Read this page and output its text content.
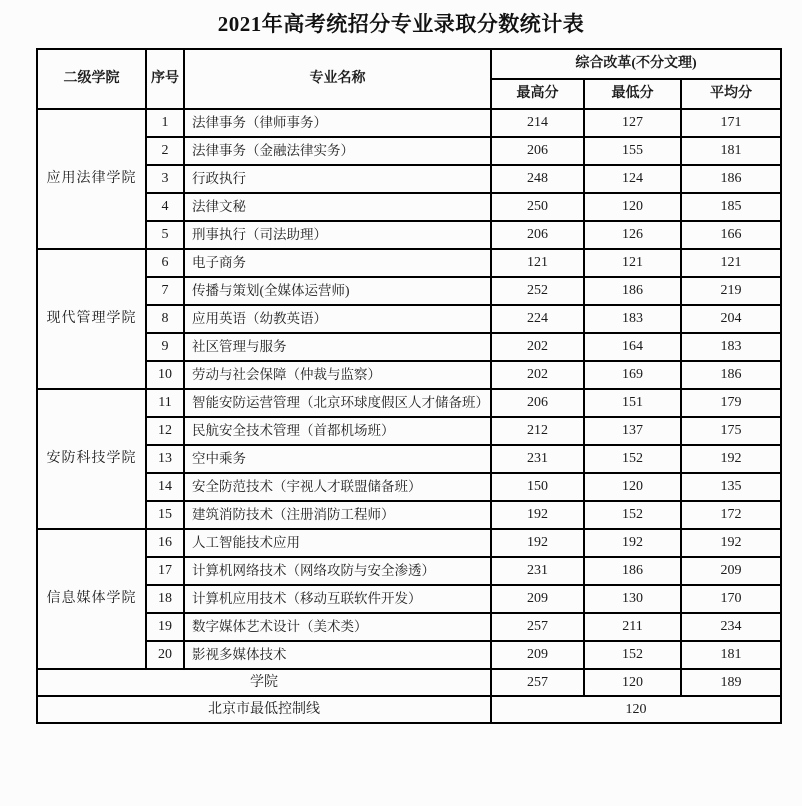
2021年高考统招分专业录取分数统计表
二级学院	序号	专业名称	综合改革(不分文理)		
			最高分	最低分	平均分
应用法律学院	1	法律事务（律师事务）	214	127	171
	2	法律事务（金融法律实务）	206	155	181
	3	行政执行	248	124	186
	4	法律文秘	250	120	185
	5	刑事执行（司法助理）	206	126	166
现代管理学院	6	电子商务	121	121	121
	7	传播与策划(全媒体运营师)	252	186	219
	8	应用英语（幼教英语）	224	183	204
	9	社区管理与服务	202	164	183
	10	劳动与社会保障（仲裁与监察）	202	169	186
安防科技学院	11	智能安防运营管理（北京环球度假区人才储备班）	206	151	179
	12	民航安全技术管理（首都机场班）	212	137	175
	13	空中乘务	231	152	192
	14	安全防范技术（宇视人才联盟储备班）	150	120	135
	15	建筑消防技术（注册消防工程师）	192	152	172
信息媒体学院	16	人工智能技术应用	192	192	192
	17	计算机网络技术（网络攻防与安全渗透）	231	186	209
	18	计算机应用技术（移动互联软件开发）	209	130	170
	19	数字媒体艺术设计（美术类）	257	211	234
	20	影视多媒体技术	209	152	181
学院			257	120	189
北京市最低控制线			120		
